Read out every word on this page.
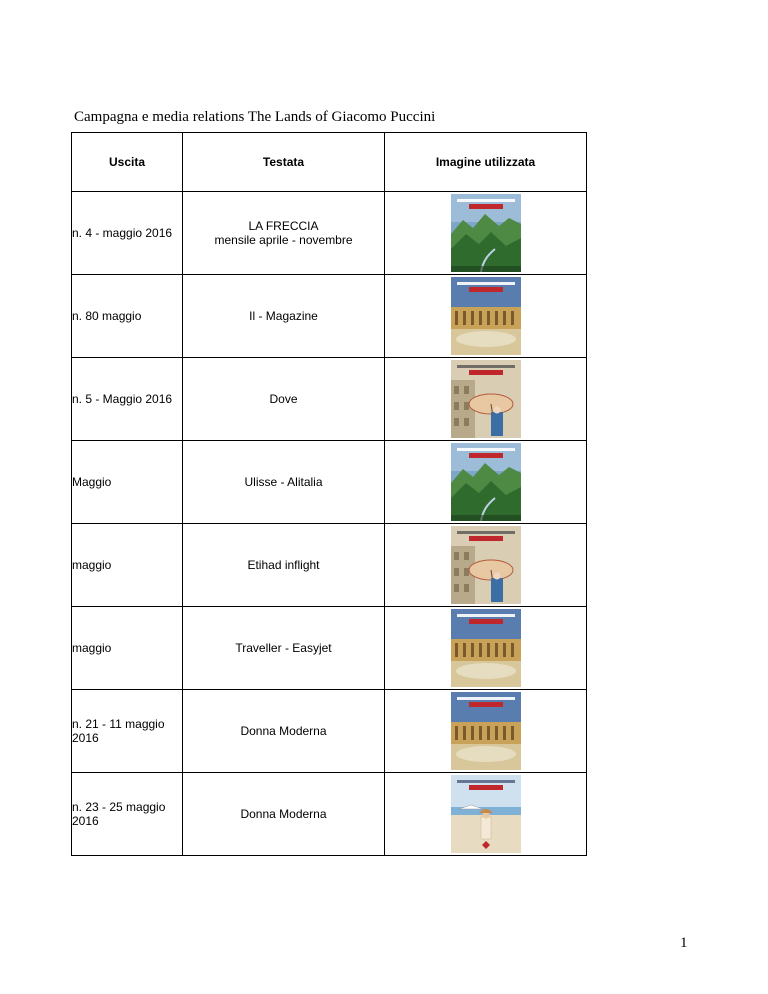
Campagna e media relations The Lands of Giacomo Puccini
Uscita	Testata	Imagine utilizzata
n. 4 - maggio 2016	LA FRECCIA
mensile aprile - novembre

n. 80 maggio	Il - Magazine

n. 5 - Maggio 2016	Dove

Maggio	Ulisse - Alitalia

maggio	Etihad inflight

maggio	Traveller - Easyjet

n. 21 - 11 maggio 2016	Donna Moderna

n. 23 - 25 maggio 2016	Donna Moderna

1
